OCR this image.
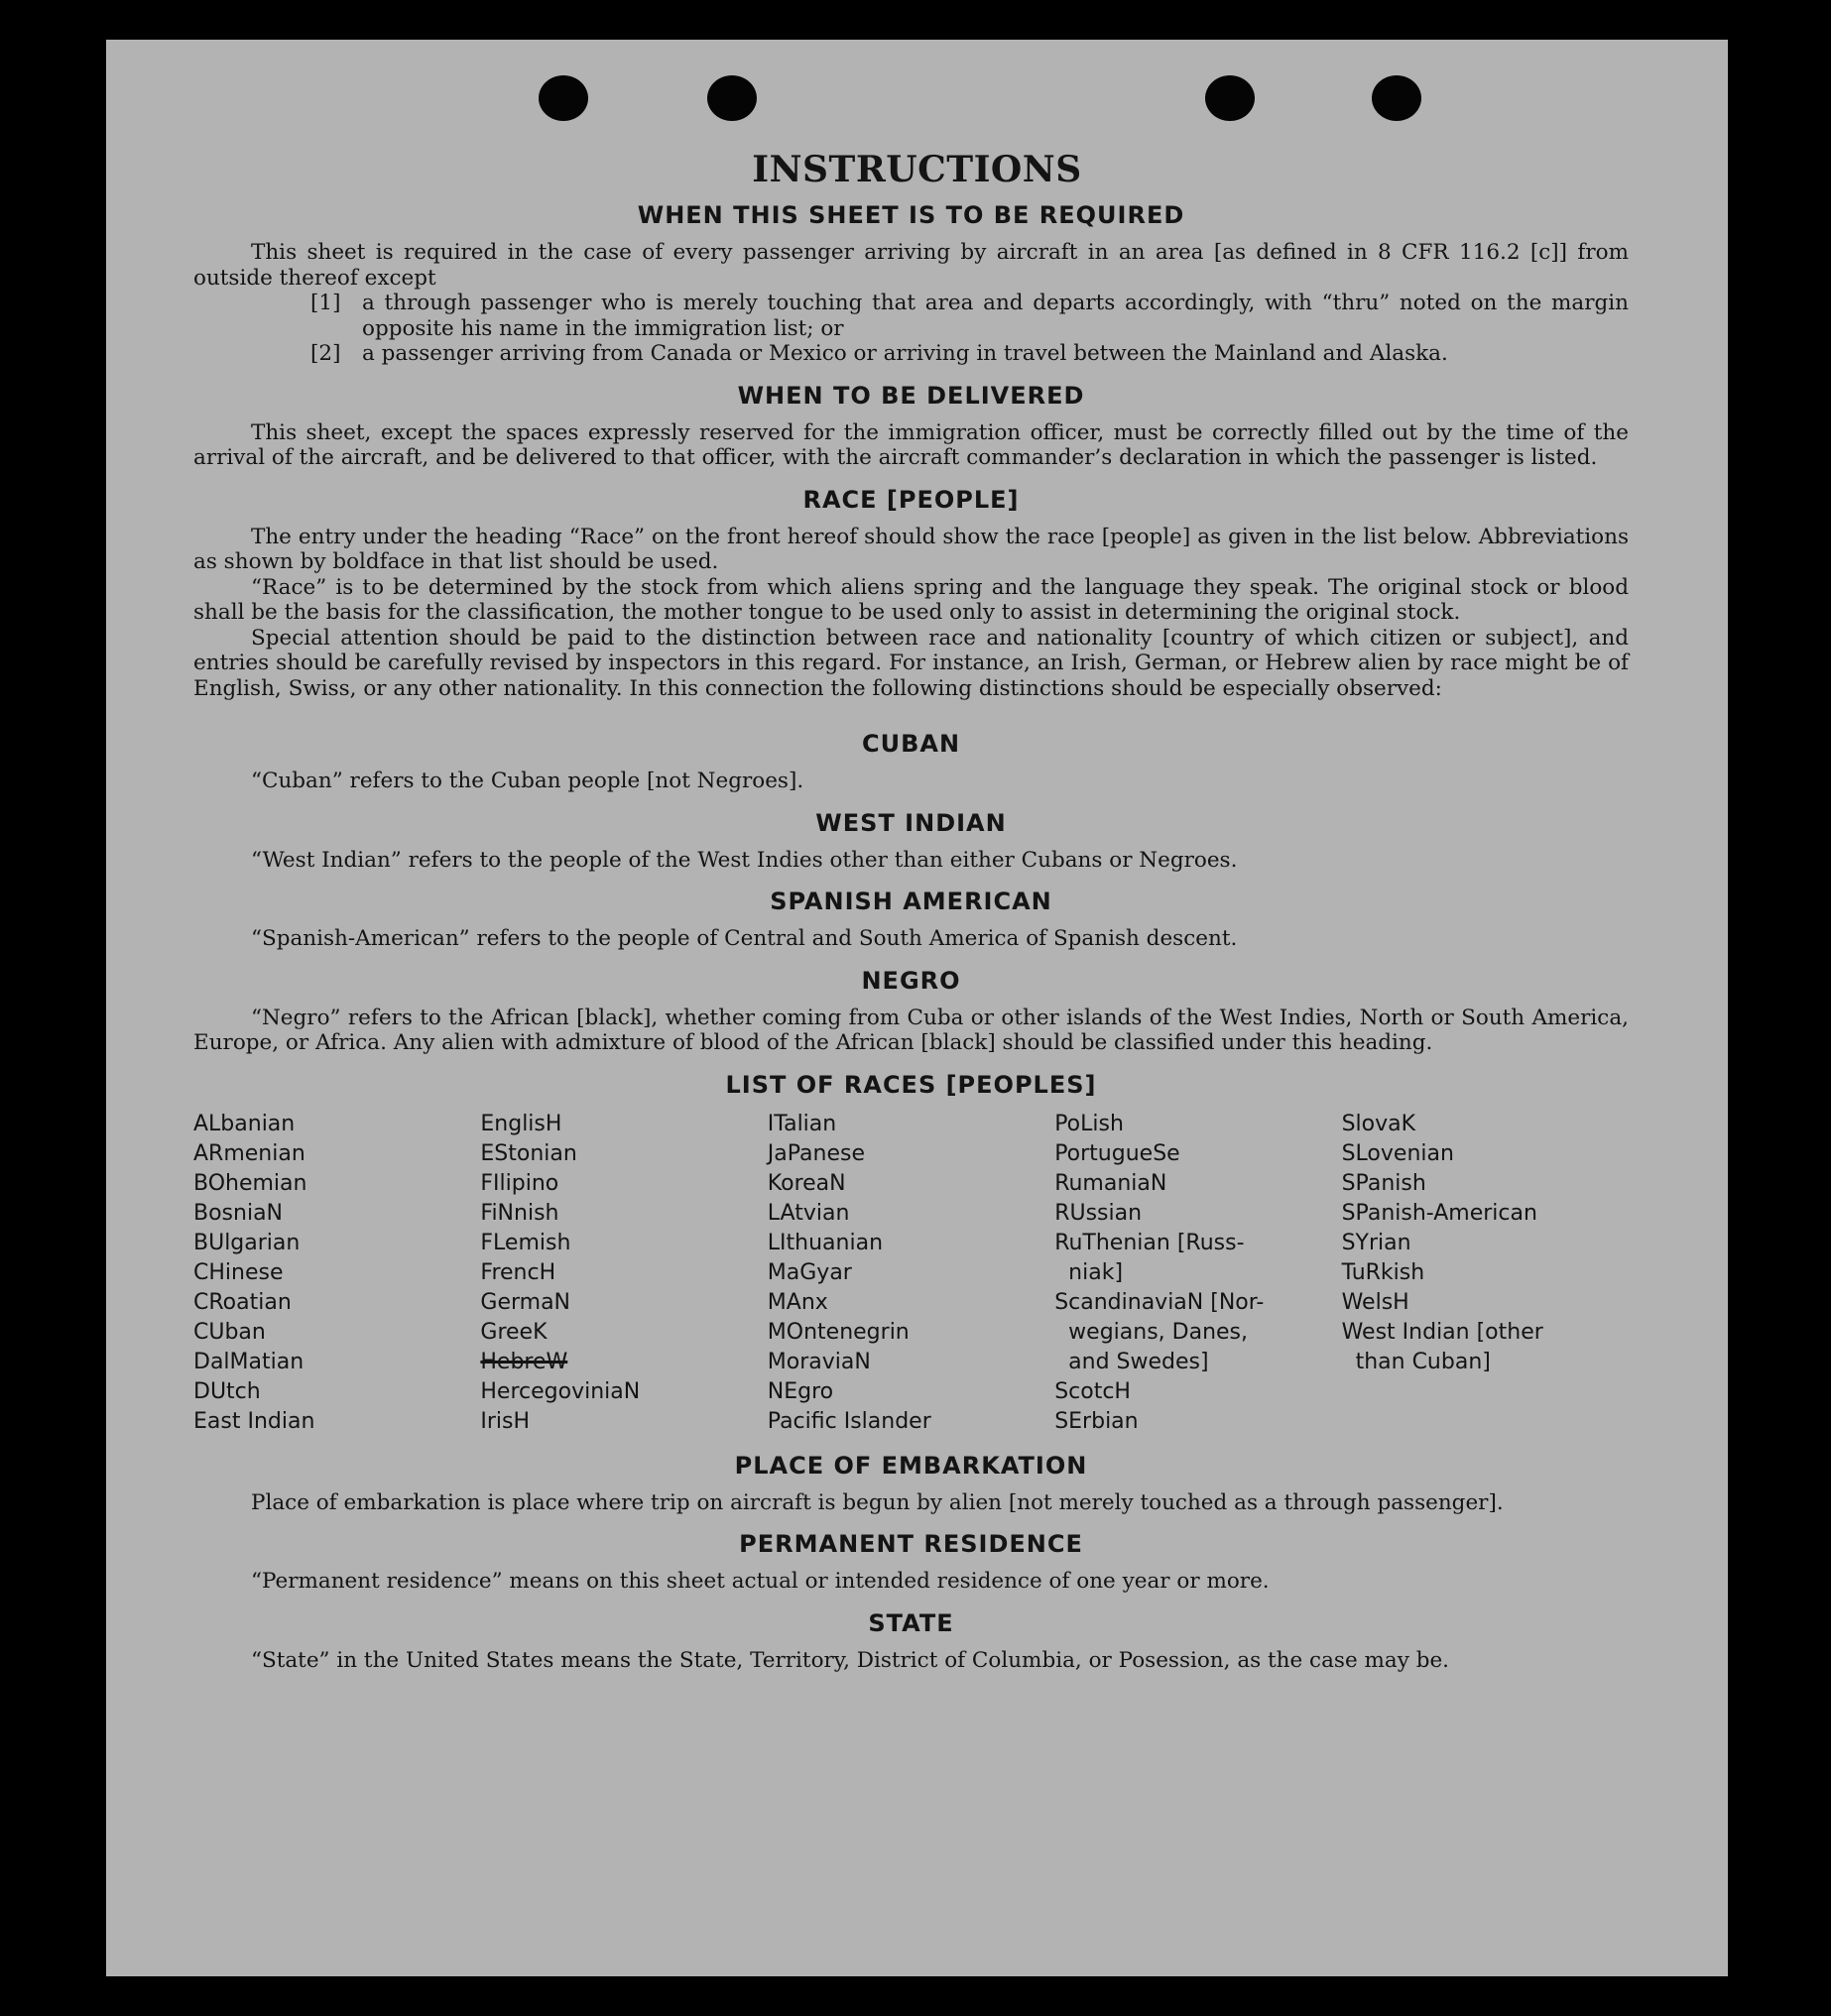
INSTRUCTIONS
WHEN THIS SHEET IS TO BE REQUIRED

This sheet is required in the case of every passenger arriving by aircraft in an area [as defined in 8 CFR 116.2 [c]] from outside thereof except

[1]	a through passenger who is merely touching that area and departs accordingly, with “thru” noted on the margin opposite his name in the immigration list; or
[2]	a passenger arriving from Canada or Mexico or arriving in travel between the Mainland and Alaska.
WHEN TO BE DELIVERED

This sheet, except the spaces expressly reserved for the immigration officer, must be correctly filled out by the time of the arrival of the aircraft, and be delivered to that officer, with the aircraft commander’s declaration in which the passenger is listed.

RACE [PEOPLE]

The entry under the heading “Race” on the front hereof should show the race [people] as given in the list below. Abbreviations as shown by boldface in that list should be used.

“Race” is to be determined by the stock from which aliens spring and the language they speak. The original stock or blood shall be the basis for the classification, the mother tongue to be used only to assist in determining the original stock.

Special attention should be paid to the distinction between race and nationality [country of which citizen or subject], and entries should be carefully revised by inspectors in this regard. For instance, an Irish, German, or Hebrew alien by race might be of English, Swiss, or any other nationality. In this connection the following distinctions should be especially observed:

CUBAN

“Cuban” refers to the Cuban people [not Negroes].

WEST INDIAN

“West Indian” refers to the people of the West Indies other than either Cubans or Negroes.

SPANISH AMERICAN

“Spanish-American” refers to the people of Central and South America of Spanish descent.

NEGRO

“Negro” refers to the African [black], whether coming from Cuba or other islands of the West Indies, North or South America, Europe, or Africa. Any alien with admixture of blood of the African [black] should be classified under this heading.

LIST OF RACES [PEOPLES]
ALbanian
ARmenian
BOhemian
BosniaN
BUlgarian
CHinese
CRoatian
CUban
DalMatian
DUtch
East Indian
EnglisH
EStonian
FIlipino
FiNnish
FLemish
FrencH
GermaN
GreeK
HebreW
HercegoviniaN
IrisH
ITalian
JaPanese
KoreaN
LAtvian
LIthuanian
MaGyar
MAnx
MOntenegrin
MoraviaN
NEgro
Pacific Islander
PoLish
PortugueSe
RumaniaN
RUssian
RuThenian [Russ-
niak]
ScandinaviaN [Nor-
wegians, Danes,
and Swedes]
ScotcH
SErbian
SlovaK
SLovenian
SPanish
SPanish-American
SYrian
TuRkish
WelsH
West Indian [other
than Cuban]
PLACE OF EMBARKATION

Place of embarkation is place where trip on aircraft is begun by alien [not merely touched as a through passenger].

PERMANENT RESIDENCE

“Permanent residence” means on this sheet actual or intended residence of one year or more.

STATE

“State” in the United States means the State, Territory, District of Columbia, or Posession, as the case may be.
